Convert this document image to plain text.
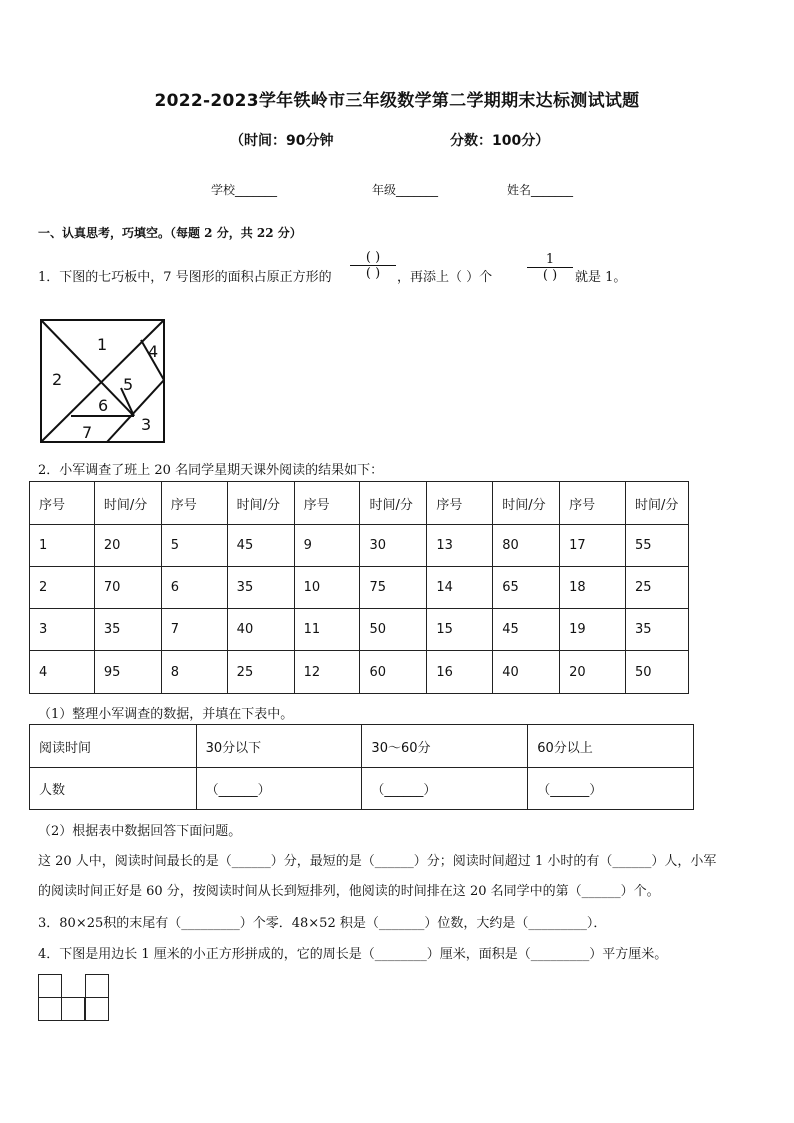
2022-2023学年铁岭市三年级数学第二学期期末达标测试试题
（时间：90分钟	分数：100分）
学校_______	年级_______	姓名_______
一、认真思考，巧填空。（每题 2 分，共 22 分）
1．下图的七巧板中，7 号图形的面积占原正方形的
( )
( )	，再添上（ ）个
1
( )	就是 1。
1
2
3
4
5
6
7
2．小军调查了班上 20 名同学星期天课外阅读的结果如下：
序号	时间/分	序号	时间/分	序号	时间/分	序号	时间/分	序号	时间/分
1	20	5	45	9	30	13	80	17	55
2	70	6	35	10	75	14	65	18	25
3	35	7	40	11	50	15	45	19	35
4	95	8	25	12	60	16	40	20	50
（1）整理小军调查的数据，并填在下表中。
阅读时间	30分以下	30～60分	60分以上
人数	（______）	（______）	（______）
（2）根据表中数据回答下面问题。
这 20 人中，阅读时间最长的是（______）分，最短的是（______）分；阅读时间超过 1 小时的有（______）人，小军
的阅读时间正好是 60 分，按阅读时间从长到短排列，他阅读的时间排在这 20 名同学中的第（______）个。
3．80×25积的末尾有（_________）个零．48×52 积是（_______）位数，大约是（_________）．
4．下图是用边长 1 厘米的小正方形拼成的，它的周长是（________）厘米，面积是（_________）平方厘米。
